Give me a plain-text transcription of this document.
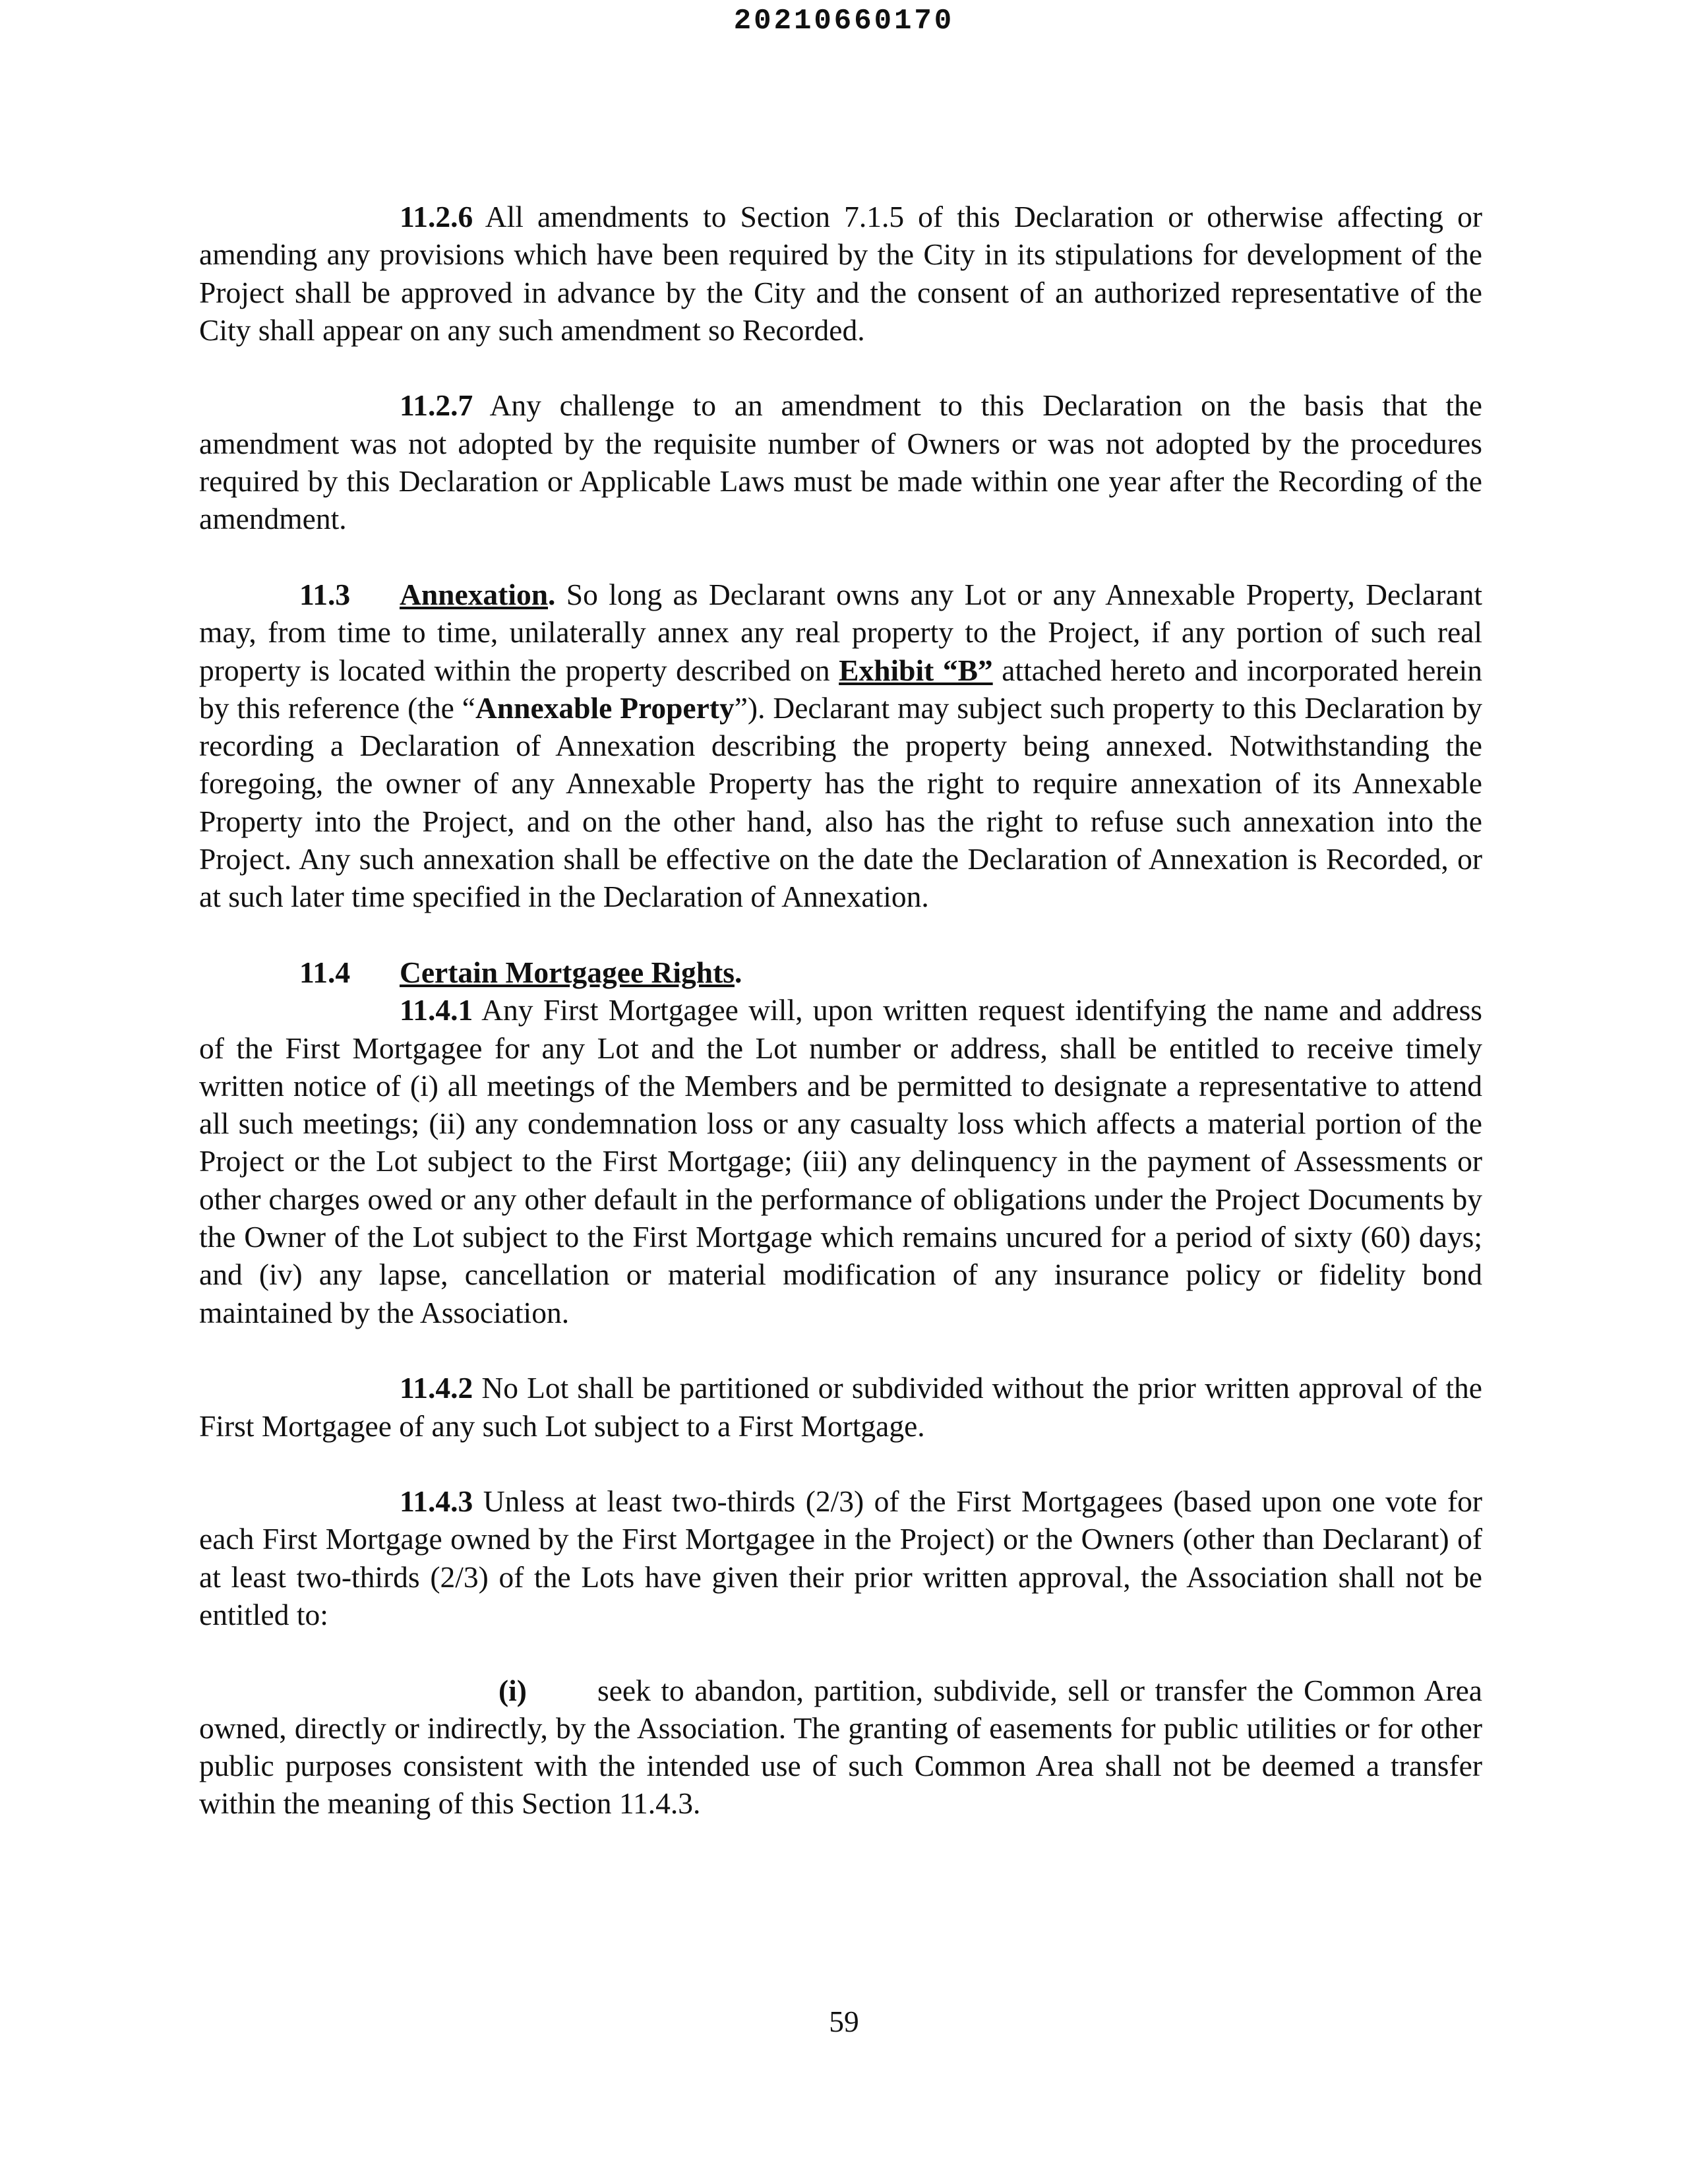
20210660170

11.2.6 All amendments to Section 7.1.5 of this Declaration or otherwise affecting or amending any provisions which have been required by the City in its stipulations for development of the Project shall be approved in advance by the City and the consent of an authorized representative of the City shall appear on any such amendment so Recorded.

11.2.7 Any challenge to an amendment to this Declaration on the basis that the amendment was not adopted by the requisite number of Owners or was not adopted by the procedures required by this Declaration or Applicable Laws must be made within one year after the Recording of the amendment.

11.3 Annexation. So long as Declarant owns any Lot or any Annexable Property, Declarant may, from time to time, unilaterally annex any real property to the Project, if any portion of such real property is located within the property described on Exhibit “B” attached hereto and incorporated herein by this reference (the “Annexable Property”). Declarant may subject such property to this Declaration by recording a Declaration of Annexation describing the property being annexed. Notwithstanding the foregoing, the owner of any Annexable Property has the right to require annexation of its Annexable Property into the Project, and on the other hand, also has the right to refuse such annexation into the Project. Any such annexation shall be effective on the date the Declaration of Annexation is Recorded, or at such later time specified in the Declaration of Annexation.

11.4 Certain Mortgagee Rights.

11.4.1 Any First Mortgagee will, upon written request identifying the name and address of the First Mortgagee for any Lot and the Lot number or address, shall be entitled to receive timely written notice of (i) all meetings of the Members and be permitted to designate a representative to attend all such meetings; (ii) any condemnation loss or any casualty loss which affects a material portion of the Project or the Lot subject to the First Mortgage; (iii) any delinquency in the payment of Assessments or other charges owed or any other default in the performance of obligations under the Project Documents by the Owner of the Lot subject to the First Mortgage which remains uncured for a period of sixty (60) days; and (iv) any lapse, cancellation or material modification of any insurance policy or fidelity bond maintained by the Association.

11.4.2 No Lot shall be partitioned or subdivided without the prior written approval of the First Mortgagee of any such Lot subject to a First Mortgage.

11.4.3 Unless at least two-thirds (2/3) of the First Mortgagees (based upon one vote for each First Mortgage owned by the First Mortgagee in the Project) or the Owners (other than Declarant) of at least two-thirds (2/3) of the Lots have given their prior written approval, the Association shall not be entitled to:

(i) seek to abandon, partition, subdivide, sell or transfer the Common Area owned, directly or indirectly, by the Association. The granting of easements for public utilities or for other public purposes consistent with the intended use of such Common Area shall not be deemed a transfer within the meaning of this Section 11.4.3.

59
